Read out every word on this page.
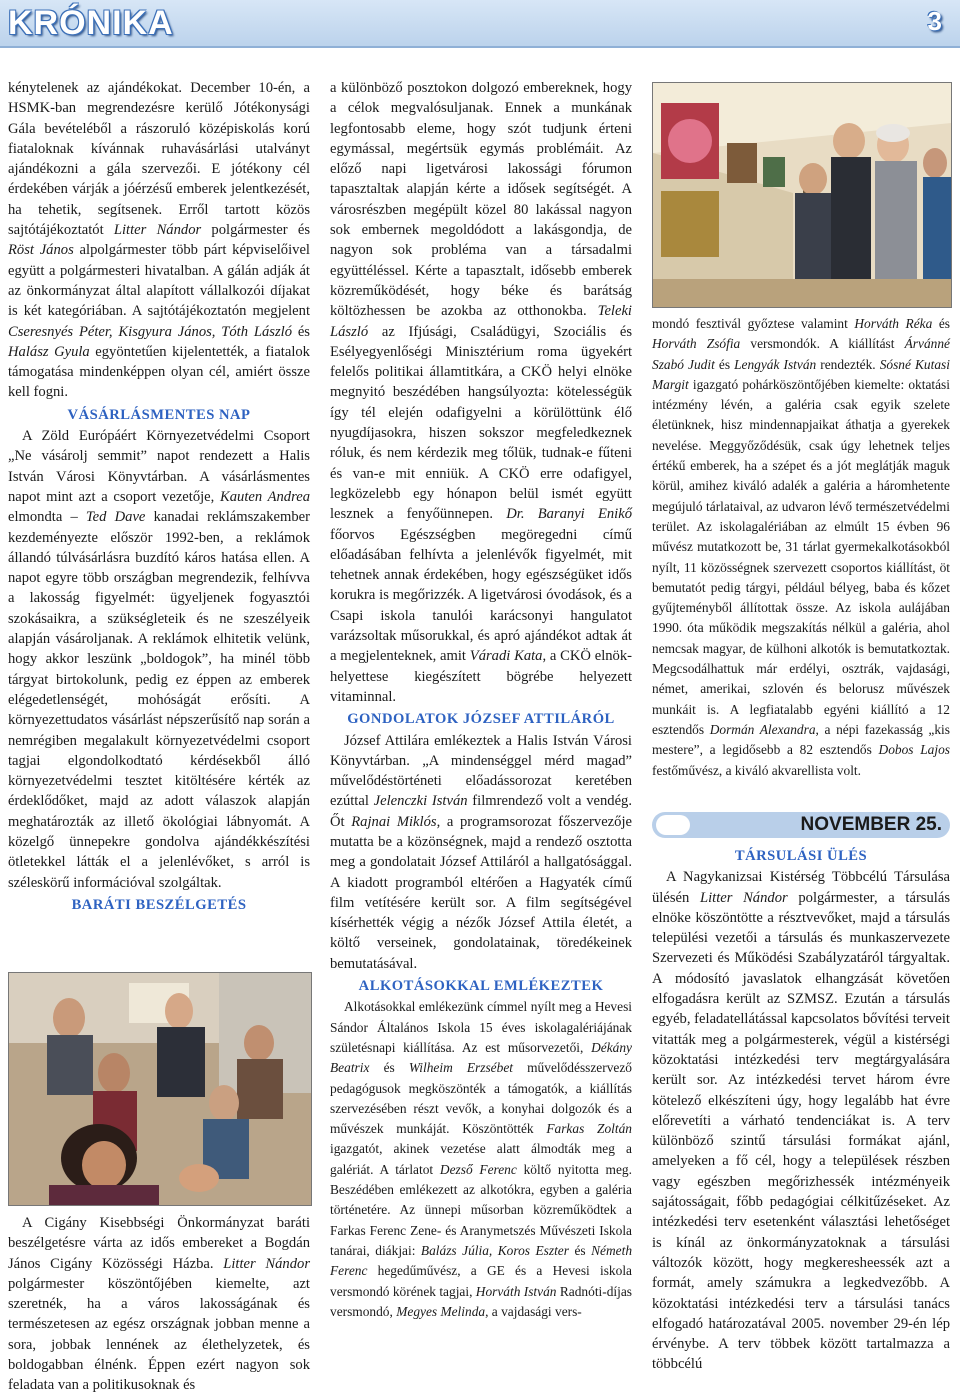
KRÓNIKA	3

kénytelenek az ajándékokat. December 10-én, a HSMK-ban megrendezésre kerülő Jótékonysági Gála bevételéből a rászoruló középiskolás korú fiataloknak kívánnak ruhavásárlási utalványt ajándékozni a gála szervezői. E jótékony cél érdekében várják a jóérzésű emberek jelentkezését, ha tehetik, segítsenek. Erről tartott közös sajtótájékoztatót Litter Nándor polgármester és Röst János alpolgármester több párt képviselőivel együtt a polgármesteri hivatalban. A gálán adják át az önkormányzat által alapított vállalkozói díjakat is két kategóriában. A sajtótájékoztatón megjelent Cseresnyés Péter, Kisgyura János, Tóth László és Halász Gyula egyöntetűen kijelentették, a fiatalok támogatása mindenképpen olyan cél, amiért össze kell fogni.

VÁSÁRLÁSMENTES NAP

A Zöld Európáért Környezetvédelmi Csoport „Ne vásárolj semmit” napot rendezett a Halis István Városi Könyvtárban. A vásárlásmentes napot mint azt a csoport vezetője, Kauten Andrea elmondta – Ted Dave kanadai reklámszakember kezdeményezte először 1992-ben, a reklámok állandó túlvásárlásra buzdító káros hatása ellen. A napot egyre több országban megrendezik, felhívva a lakosság figyelmét: ügyeljenek fogyasztói szokásaikra, a szükségleteik és ne szeszélyeik alapján vásároljanak. A reklámok elhitetik velünk, hogy akkor leszünk „boldogok”, ha minél több tárgyat birtokolunk, pedig ez éppen az emberek elégedetlenségét, mohóságát erősíti. A környezettudatos vásárlást népszerűsítő nap során a nemrégiben megalakult környezetvédelmi csoport tagjai elgondolkodtató kérdésekből álló környezetvédelmi tesztet kitöltésére kérték az érdeklődőket, majd az adott válaszok alapján meghatározták az illető ökológiai lábnyomát. A közelgő ünnepekre gondolva ajándékkészítési ötletekkel látták el a jelenlévőket, s arról is széleskörű információval szolgáltak.

BARÁTI BESZÉLGETÉS

A Cigány Kisebbségi Önkormányzat baráti beszélgetésre várta az idős embereket a Bogdán János Cigány Közösségi Házba. Litter Nándor polgármester köszöntőjében kiemelte, azt szeretnék, ha a város lakosságának és természetesen az egész országnak jobban menne a sora, jobbak lennének az élethelyzetek, és boldogabban élnénk. Éppen ezért nagyon sok feladata van a politikusoknak és

a különböző posztokon dolgozó embereknek, hogy a célok megvalósuljanak. Ennek a munkának legfontosabb eleme, hogy szót tudjunk érteni egymással, megértsük egymás problémáit. Az előző napi ligetvárosi lakossági fórumon tapasztaltak alapján kérte a idősek segítségét. A városrészben megépült közel 80 lakással nagyon sok embernek megoldódott a lakásgondja, de nagyon sok probléma van a társadalmi együttéléssel. Kérte a tapasztalt, idősebb emberek közreműködését, hogy béke és barátság költözhessen be azokba az otthonokba. Teleki László az Ifjúsági, Családügyi, Szociális és Esélyegyenlőségi Minisztérium roma ügyekért felelős politikai államtitkára, a CKÖ helyi elnöke megnyitó beszédében hangsúlyozta: kötelességük így tél elején odafigyelni a körülöttünk élő nyugdíjasokra, hiszen sokszor megfeledkeznek róluk, és nem kérdezik meg tőlük, tudnak-e fűteni és van-e mit enniük. A CKÖ erre odafigyel, legközelebb egy hónapon belül ismét együtt lesznek a fenyőünnepen. Dr. Baranyi Enikő főorvos Egészségben megöregedni című előadásában felhívta a jelenlévők figyelmét, mit tehetnek annak érdekében, hogy egészségüket idős korukra is megőrizzék. A ligetvárosi óvodások, és a Csapi iskola tanulói karácsonyi hangulatot varázsoltak műsorukkal, és apró ajándékot adtak át a megjelenteknek, amit Váradi Kata, a CKÖ elnök-helyettese kiegészített bögrébe helyezett vitaminnal.

GONDOLATOK JÓZSEF ATTILÁRÓL

József Attilára emlékeztek a Halis István Városi Könyvtárban. „A mindenséggel mérd magad” művelődéstörténeti előadássorozat keretében ezúttal Jelenczki István filmrendező volt a vendég. Őt Rajnai Miklós, a programsorozat főszervezője mutatta be a közönségnek, majd a rendező osztotta meg a gondolatait József Attiláról a hallgatósággal. A kiadott programból eltérően a Hagyaték című film vetítésére került sor. A film segítségével kísérhették végig a nézők József Attila életét, a költő verseinek, gondolatainak, töredékeinek bemutatásával.

ALKOTÁSOKKAL EMLÉKEZTEK

Alkotásokkal emlékezünk címmel nyílt meg a Hevesi Sándor Általános Iskola 15 éves iskolagalériájának születésnapi kiállítása. Az est műsorvezetői, Dékány Beatrix és Wilheim Erzsébet művelődésszervező pedagógusok megköszönték a támogatók, a kiállítás szervezésében részt vevők, a konyhai dolgozók és a művészek munkáját. Köszöntötték Farkas Zoltán igazgatót, akinek vezetése alatt álmodták meg a galériát. A tárlatot Dezső Ferenc költő nyitotta meg. Beszédében emlékezett az alkotókra, egyben a galéria történetére. Az ünnepi műsorban közreműködtek a Farkas Ferenc Zene- és Aranymetszés Művészeti Iskola tanárai, diákjai: Balázs Júlia, Koros Eszter és Németh Ferenc hegedűművész, a GE és a Hevesi iskola versmondó körének tagjai, Horváth István Radnóti-díjas versmondó, Megyes Melinda, a vajdasági vers-

mondó fesztivál győztese valamint Horváth Réka és Horváth Zsófia versmondók. A kiállítást Árvánné Szabó Judit és Lengyák István rendezték. Sósné Kutasi Margit igazgató pohárköszöntőjében kiemelte: oktatási intézmény lévén, a galéria csak egyik szelete életünknek, hisz mindennapjaikat áthatja a gyerekek nevelése. Meggyőződésük, csak úgy lehetnek teljes értékű emberek, ha a szépet és a jót meglátják maguk körül, amihez kiváló adalék a galéria a háromhetente megújuló tárlataival, az udvaron lévő természetvédelmi terület. Az iskolagalériában az elmúlt 15 évben 96 művész mutatkozott be, 31 tárlat gyermekalkotásokból nyílt, 11 közösségnek szervezett csoportos kiállítást, öt bemutatót pedig tárgyi, például bélyeg, baba és kőzet gyűjteményből állítottak össze. Az iskola aulájában 1990. óta működik megszakítás nélkül a galéria, ahol nemcsak magyar, de külhoni alkotók is bemutatkoztak. Megcsodálhattuk már erdélyi, osztrák, vajdasági, német, amerikai, szlovén és belorusz művészek munkáit is. A legfiatalabb egyéni kiállító a 12 esztendős Dormán Alexandra, a népi fazekasság „kis mestere”, a legidősebb a 82 esztendős Dobos Lajos festőművész, a kiváló akvarellista volt.

NOVEMBER 25.
TÁRSULÁSI ÜLÉS

A Nagykanizsai Kistérség Többcélú Társulása ülésén Litter Nándor polgármester, a társulás elnöke köszöntötte a résztvevőket, majd a társulás települési vezetői a társulás és munkaszervezete Szervezeti és Működési Szabályzatáról tárgyaltak. A módosító javaslatok elhangzását követően elfogadásra került az SZMSZ. Ezután a társulás egyéb, feladatellátással kapcsolatos bővítési terveit vitatták meg a polgármesterek, végül a kistérségi közoktatási intézkedési terv megtárgyalására került sor. Az intézkedési tervet három évre kötelező elkészíteni úgy, hogy legalább hat évre előrevetíti a várható tendenciákat is. A terv különböző szintű társulási formákat ajánl, amelyeken a fő cél, hogy a települések részben vagy egészben megőrizhessék intézményeik sajátosságait, főbb pedagógiai célkitűzéseket. Az intézkedési terv esetenként választási lehetőséget is kínál az önkormányzatoknak a társulási változók között, hogy megkeresheessék azt a formát, amely számukra a legkedvezőbb. A közoktatási intézkedési terv a társulási tanács elfogadó határozatával 2005. november 29-én lép érvénybe. A terv többek között tartalmazza a többcélú
